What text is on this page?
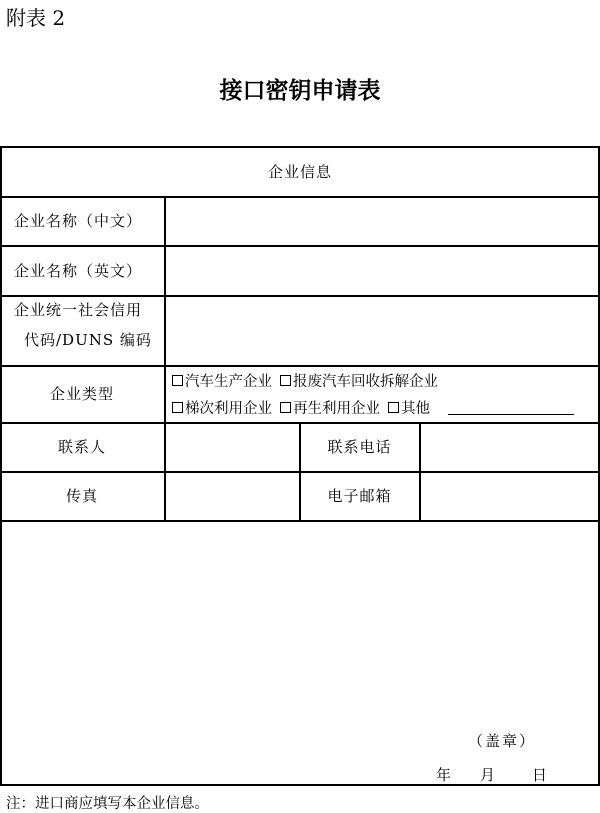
附表 2
接口密钥申请表
企业信息
企业名称（中文）
企业名称（英文）
企业统一社会信用
代码/DUNS 编码
企业类型
汽车生产企业 报废汽车回收拆解企业
梯次利用企业 再生利用企业 其他
联系人	联系电话
传真	电子邮箱
（盖章）
年 月 日
注：进口商应填写本企业信息。
